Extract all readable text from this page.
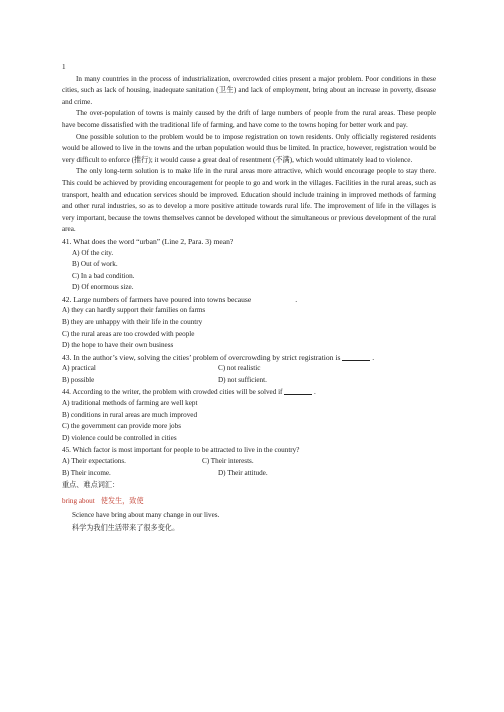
1

In many countries in the process of industrialization, overcrowded cities present a major problem. Poor conditions in these cities, such as lack of housing, inadequate sanitation (卫生) and lack of employment, bring about an increase in poverty, disease and crime.

The over-population of towns is mainly caused by the drift of large numbers of people from the rural areas. These people have become dissatisfied with the traditional life of farming, and have come to the towns hoping for better work and pay.

One possible solution to the problem would be to impose registration on town residents. Only officially registered residents would be allowed to live in the towns and the urban population would thus be limited. In practice, however, registration would be very difficult to enforce (推行); it would cause a great deal of resentment (不满), which would ultimately lead to violence.

The only long-term solution is to make life in the rural areas more attractive, which would encourage people to stay there. This could be achieved by providing encouragement for people to go and work in the villages. Facilities in the rural areas, such as transport, health and education services should be improved. Education should include training in improved methods of farming and other rural industries, so as to develop a more positive attitude towards rural life. The improvement of life in the villages is very important, because the towns themselves cannot be developed without the simultaneous or previous development of the rural area.

41. What does the word “urban” (Line 2, Para. 3) mean?

A) Of the city.

B) Out of work.

C) In a bad condition.

D) Of enormous size.

42. Large numbers of farmers have poured into towns because	.

A) they can hardly support their families on farms

B) they are unhappy with their life in the country

C) the rural areas are too crowded with people

D) the hope to have their own business

43. In the author’s view, solving the cities’ problem of overcrowding by strict registration is	.

A) practical	C) not realistic
B) possible	D) not sufficient.

44. According to the writer, the problem with crowded cities will be solved if	.

A) traditional methods of farming are well kept

B) conditions in rural areas are much improved

C) the government can provide more jobs

D) violence could be controlled in cities

45. Which factor is most important for people to be attracted to live in the country?

A) Their expectations.	C) Their interests.
B) Their income.	D) Their attitude.

重点、难点词汇：

bring about 使发生，致使

Science have bring about many change in our lives.

科学为我们生活带来了很多变化。
